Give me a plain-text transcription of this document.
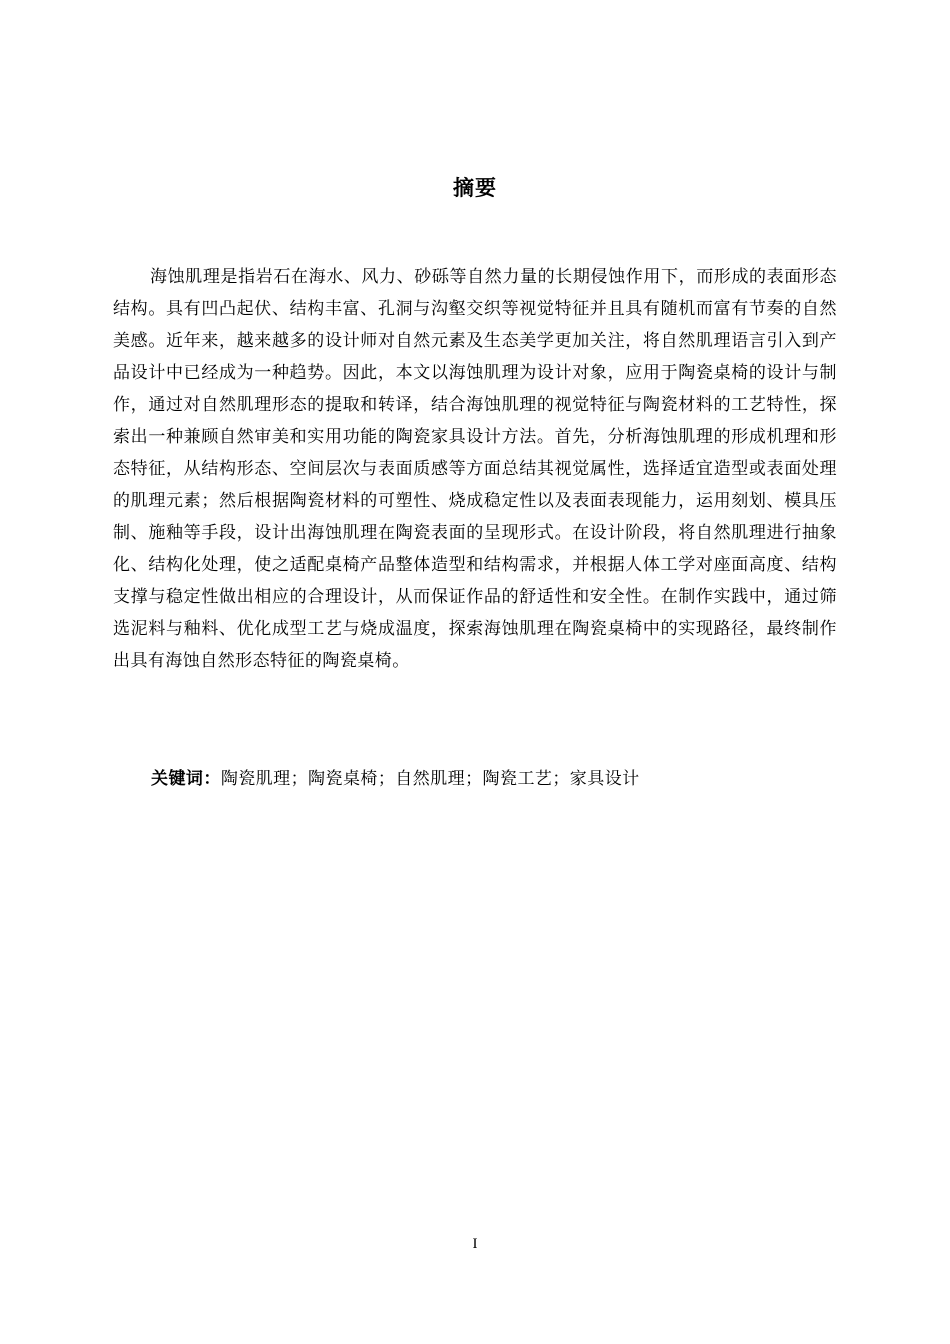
摘要

海蚀肌理是指岩石在海水、风力、砂砾等自然力量的长期侵蚀作用下，而形成的表面形态结构。具有凹凸起伏、结构丰富、孔洞与沟壑交织等视觉特征并且具有随机而富有节奏的自然美感。近年来，越来越多的设计师对自然元素及生态美学更加关注，将自然肌理语言引入到产品设计中已经成为一种趋势。因此，本文以海蚀肌理为设计对象，应用于陶瓷桌椅的设计与制作，通过对自然肌理形态的提取和转译，结合海蚀肌理的视觉特征与陶瓷材料的工艺特性，探索出一种兼顾自然审美和实用功能的陶瓷家具设计方法。首先，分析海蚀肌理的形成机理和形态特征，从结构形态、空间层次与表面质感等方面总结其视觉属性，选择适宜造型或表面处理的肌理元素；然后根据陶瓷材料的可塑性、烧成稳定性以及表面表现能力，运用刻划、模具压制、施釉等手段，设计出海蚀肌理在陶瓷表面的呈现形式。在设计阶段，将自然肌理进行抽象化、结构化处理，使之适配桌椅产品整体造型和结构需求，并根据人体工学对座面高度、结构支撑与稳定性做出相应的合理设计，从而保证作品的舒适性和安全性。在制作实践中，通过筛选泥料与釉料、优化成型工艺与烧成温度，探索海蚀肌理在陶瓷桌椅中的实现路径，最终制作出具有海蚀自然形态特征的陶瓷桌椅。

关键词：陶瓷肌理；陶瓷桌椅；自然肌理；陶瓷工艺；家具设计

I
